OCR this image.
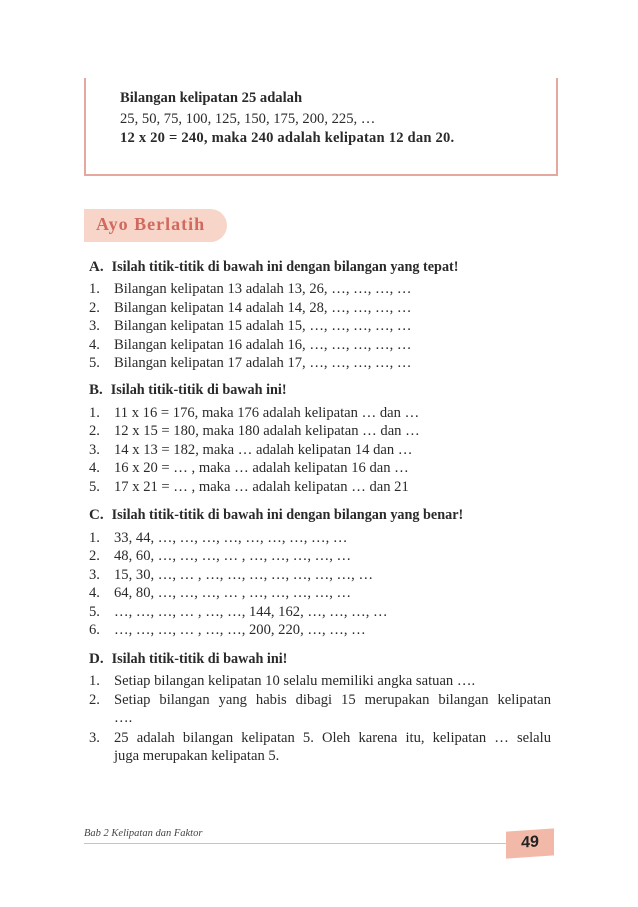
Bilangan kelipatan 25 adalah
25, 50, 75, 100, 125, 150, 175, 200, 225, …
12 x 20 = 240, maka 240 adalah kelipatan 12 dan 20.
Ayo Berlatih
A. Isilah titik-titik di bawah ini dengan bilangan yang tepat!
1. Bilangan kelipatan 13 adalah 13, 26, …, …, …, …
2. Bilangan kelipatan 14 adalah 14, 28, …, …, …, …
3. Bilangan kelipatan 15 adalah 15, …, …, …, …, …
4. Bilangan kelipatan 16 adalah 16, …, …, …, …, …
5. Bilangan kelipatan 17 adalah 17, …, …, …, …, …
B. Isilah titik-titik di bawah ini!
1. 11 x 16 = 176, maka 176 adalah kelipatan … dan …
2. 12 x 15 = 180, maka 180 adalah kelipatan … dan …
3. 14 x 13 = 182, maka … adalah kelipatan 14 dan …
4. 16 x 20 = … , maka … adalah kelipatan 16 dan …
5. 17 x 21 = … , maka … adalah kelipatan … dan 21
C. Isilah titik-titik di bawah ini dengan bilangan yang benar!
1. 33, 44, …, …, …, …, …, …, …, …, …
2. 48, 60, …, …, …, … , …, …, …, …, …
3. 15, 30, …, … , …, …, …, …, …, …, …, …
4. 64, 80, …, …, …, … , …, …, …, …, …
5. …, …, …, … , …, …, 144, 162, …, …, …, …
6. …, …, …, … , …, …, 200, 220, …, …, …
D. Isilah titik-titik di bawah ini!
1. Setiap bilangan kelipatan 10 selalu memiliki angka satuan ….
2. Setiap bilangan yang habis dibagi 15 merupakan bilangan kelipatan
….
3. 25 adalah bilangan kelipatan 5. Oleh karena itu, kelipatan … selalu
juga merupakan kelipatan 5.
Bab 2 Kelipatan dan Faktor	49
